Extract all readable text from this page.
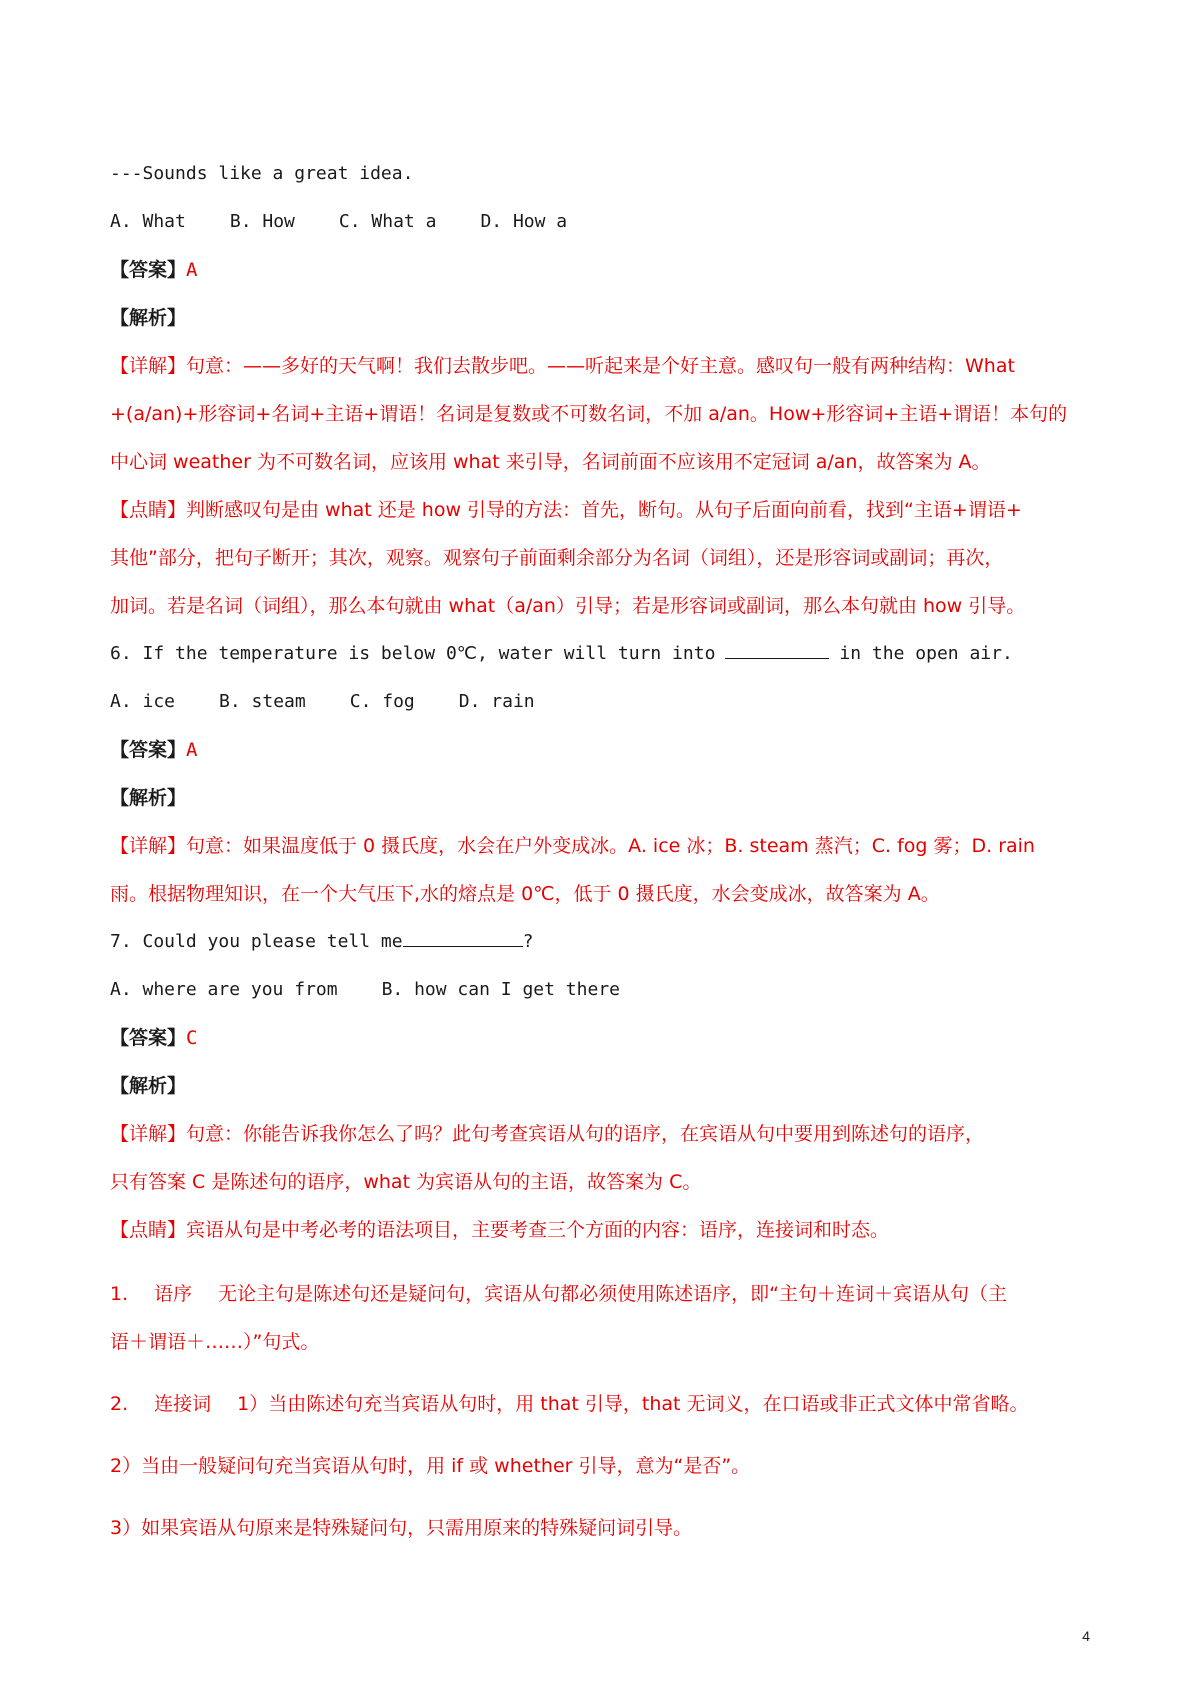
---Sounds like a great idea.
A. What B. How C. What a D. How a
【答案】A
【解析】
【详解】句意：——多好的天气啊！我们去散步吧。——听起来是个好主意。感叹句一般有两种结构：What
+(a/an)+形容词+名词+主语+谓语！名词是复数或不可数名词，不加 a/an。How+形容词+主语+谓语！本句的
中心词 weather 为不可数名词，应该用 what 来引导，名词前面不应该用不定冠词 a/an，故答案为 A。
【点睛】判断感叹句是由 what 还是 how 引导的方法：首先，断句。从句子后面向前看，找到“主语+谓语+
其他”部分，把句子断开；其次，观察。观察句子前面剩余部分为名词（词组），还是形容词或副词；再次，
加词。若是名词（词组），那么本句就由 what（a/an）引导；若是形容词或副词，那么本句就由 how 引导。
6. If the temperature is below 0℃, water will turn into	in the open air.
A. ice B. steam C. fog D. rain
【答案】A
【解析】
【详解】句意：如果温度低于 0 摄氏度，水会在户外变成冰。A. ice 冰；B. steam 蒸汽；C. fog 雾；D. rain
雨。根据物理知识，在一个大气压下,水的熔点是 0℃，低于 0 摄氏度，水会变成冰，故答案为 A。
7. Could you please tell me	?
A. where are you from B. how can I get there
【答案】C
【解析】
【详解】句意：你能告诉我你怎么了吗？此句考查宾语从句的语序，在宾语从句中要用到陈述句的语序，
只有答案 C 是陈述句的语序，what 为宾语从句的主语，故答案为 C。
【点睛】宾语从句是中考必考的语法项目，主要考查三个方面的内容：语序，连接词和时态。
1. 语序 无论主句是陈述句还是疑问句，宾语从句都必须使用陈述语序，即“主句＋连词＋宾语从句（主
语＋谓语＋……）”句式。
2. 连接词 1）当由陈述句充当宾语从句时，用 that 引导，that 无词义，在口语或非正式文体中常省略。
2）当由一般疑问句充当宾语从句时，用 if 或 whether 引导，意为“是否”。
3）如果宾语从句原来是特殊疑问句，只需用原来的特殊疑问词引导。
4
